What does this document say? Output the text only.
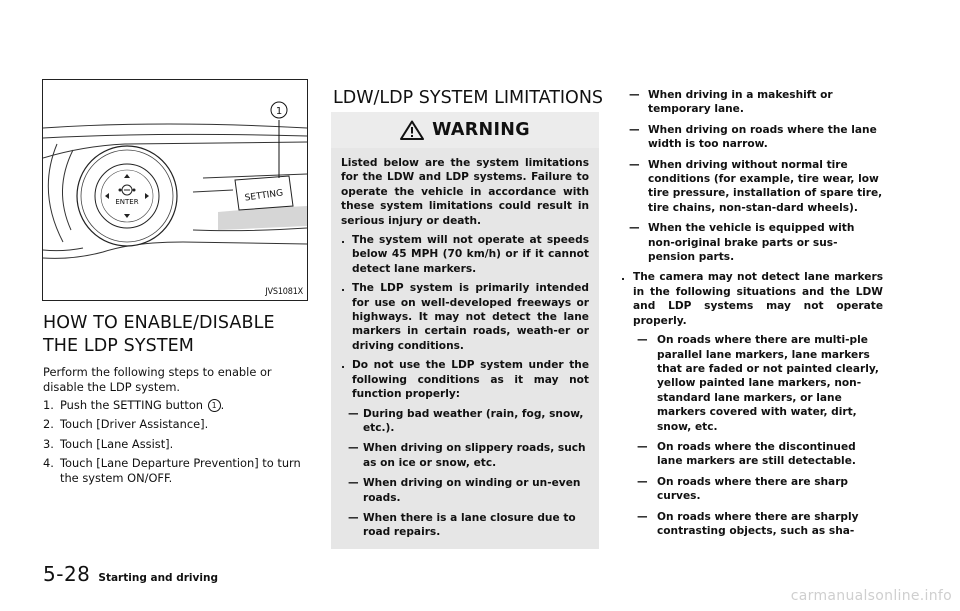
ENTER	SETTING
1
JVS1081X
HOW TO ENABLE/DISABLE THE LDP SYSTEM

Perform the following steps to enable or disable the LDP system.

1. Push the SETTING button 1 .
2. Touch [Driver Assistance].
3. Touch [Lane Assist].
4. Touch [Lane Departure Prevention] to turn the system ON/OFF.
LDW/LDP SYSTEM LIMITATIONS
WARNING

Listed below are the system limitations for the LDW and LDP systems. Failure to operate the vehicle in accordance with these system limitations could result in serious injury or death.

. The system will not operate at speeds below 45 MPH (70 km/h) or if it cannot detect lane markers.
. The LDP system is primarily intended for use on well-developed freeways or highways. It may not detect the lane markers in certain roads, weath-er or driving conditions.
. Do not use the LDP system under the following conditions as it may not function properly:
— During bad weather (rain, fog, snow, etc.).
— When driving on slippery roads, such as on ice or snow, etc.
— When driving on winding or un-even roads.
— When there is a lane closure due to road repairs.
— When driving in a makeshift or temporary lane.
— When driving on roads where the lane width is too narrow.
— When driving without normal tire conditions (for example, tire wear, low tire pressure, installation of spare tire, tire chains, non-stan-dard wheels).
— When the vehicle is equipped with non-original brake parts or sus-pension parts.
. The camera may not detect lane markers in the following situations and the LDW and LDP systems may not operate properly.
— On roads where there are multi-ple parallel lane markers, lane markers that are faded or not painted clearly, yellow painted lane markers, non-standard lane markers, or lane markers covered with water, dirt, snow, etc.
— On roads where the discontinued lane markers are still detectable.
— On roads where there are sharp curves.
— On roads where there are sharply contrasting objects, such as sha-
5-28 Starting and driving
carmanualsonline.info
